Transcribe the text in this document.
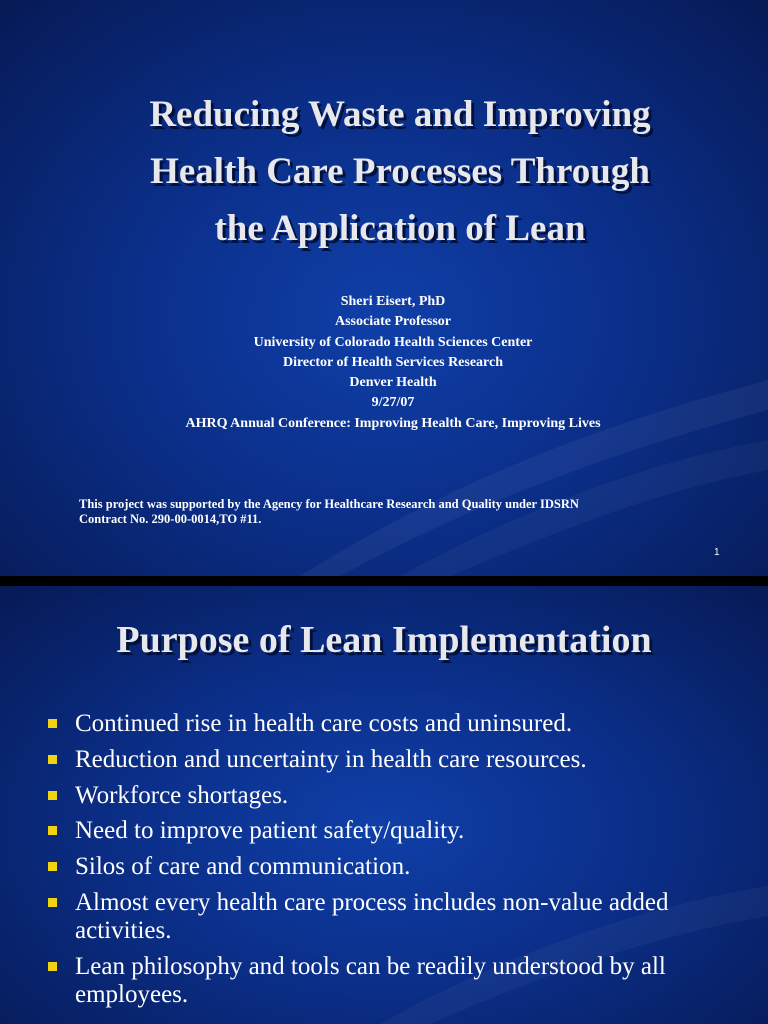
Reducing Waste and Improving
Health Care Processes Through
the Application of Lean
Sheri Eisert, PhD
Associate Professor
University of Colorado Health Sciences Center
Director of Health Services Research
Denver Health
9/27/07
AHRQ Annual Conference: Improving Health Care, Improving Lives
This project was supported by the Agency for Healthcare Research and Quality under IDSRN
Contract No. 290-00-0014,TO #11.
1
Purpose of Lean Implementation
Continued rise in health care costs and uninsured.
Reduction and uncertainty in health care resources.
Workforce shortages.
Need to improve patient safety/quality.
Silos of care and communication.
Almost every health care process includes non-value added activities.
Lean philosophy and tools can be readily understood by all employees.
